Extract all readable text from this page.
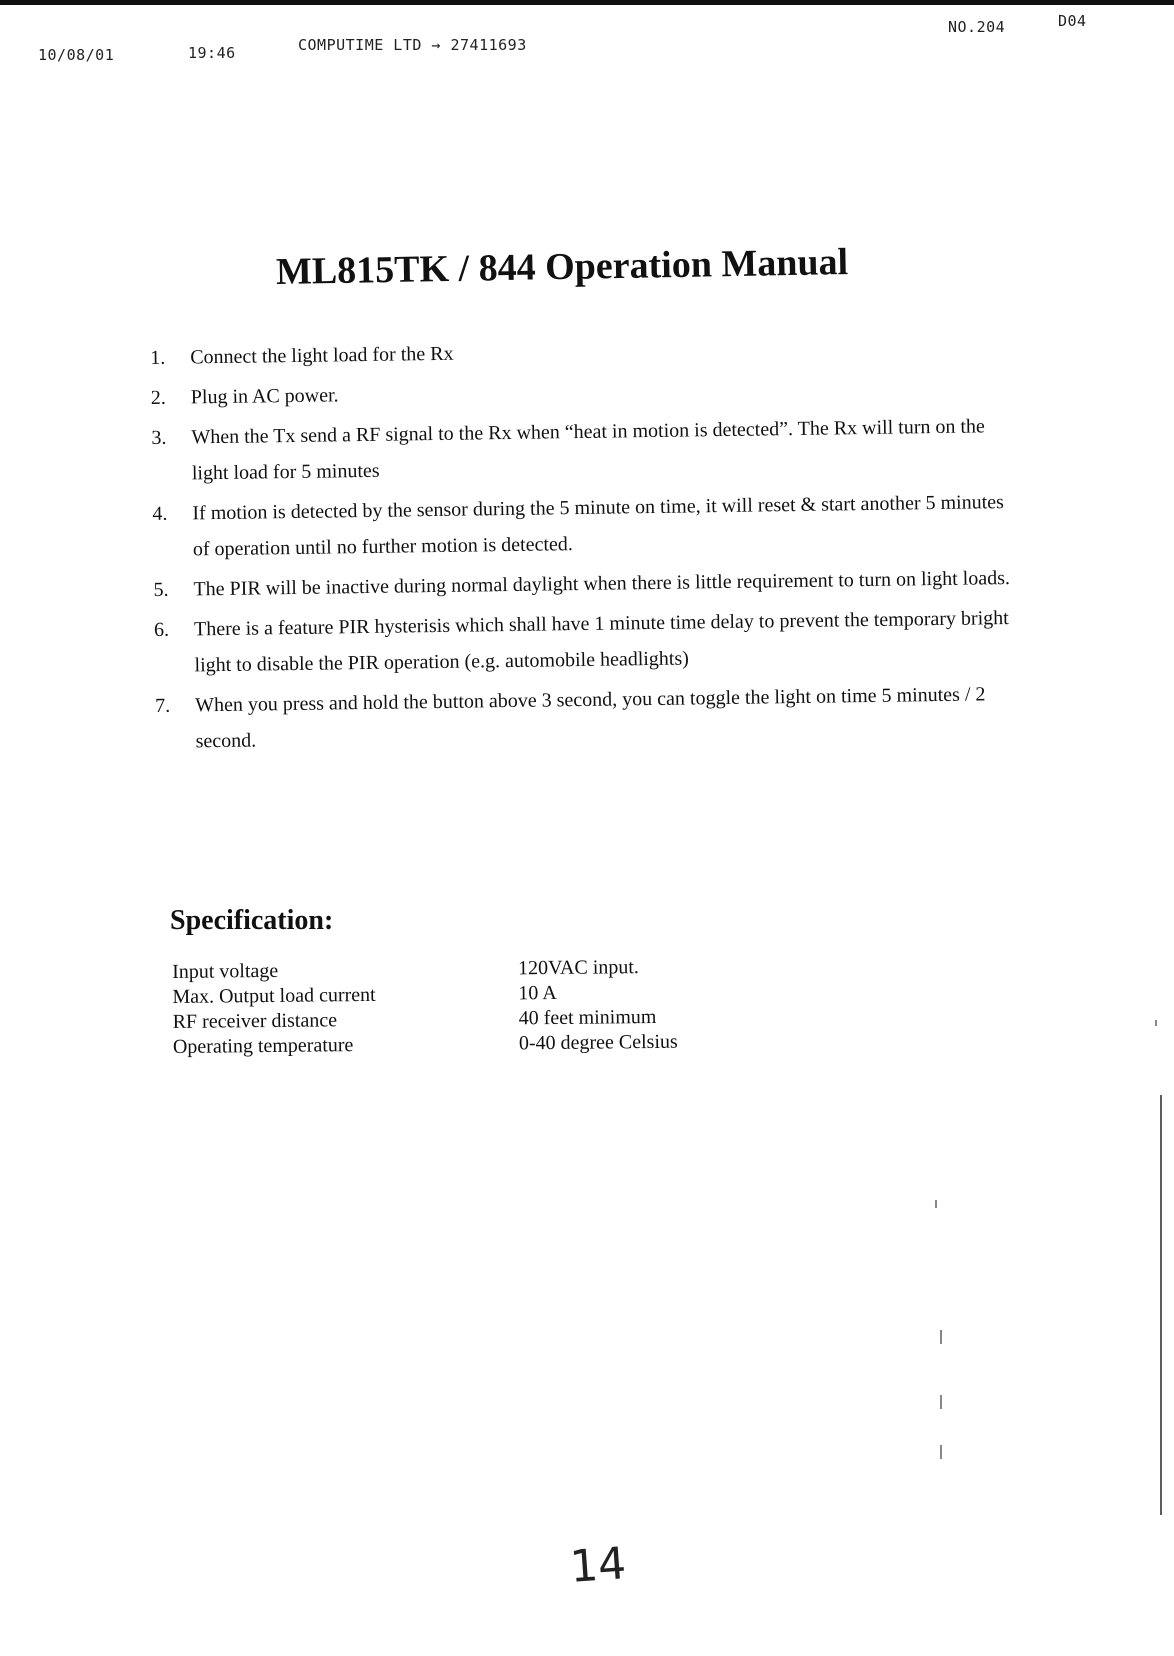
10/08/01	19:46	COMPUTIME LTD → 27411693
NO.204	D04
ML815TK / 844 Operation Manual
1.	Connect the light load for the Rx
2.	Plug in AC power.
3.	When the Tx send a RF signal to the Rx when “heat in motion is detected”. The Rx will turn on the light load for 5 minutes
4.	If motion is detected by the sensor during the 5 minute on time, it will reset & start another 5 minutes of operation until no further motion is detected.
5.	The PIR will be inactive during normal daylight when there is little requirement to turn on light loads.
6.	There is a feature PIR hysterisis which shall have 1 minute time delay to prevent the temporary bright light to disable the PIR operation (e.g. automobile headlights)
7.	When you press and hold the button above 3 second, you can toggle the light on time 5 minutes / 2 second.
Specification:
Input voltage	120VAC input.
Max. Output load current	10 A
RF receiver distance	40 feet minimum
Operating temperature	0-40 degree Celsius
14
